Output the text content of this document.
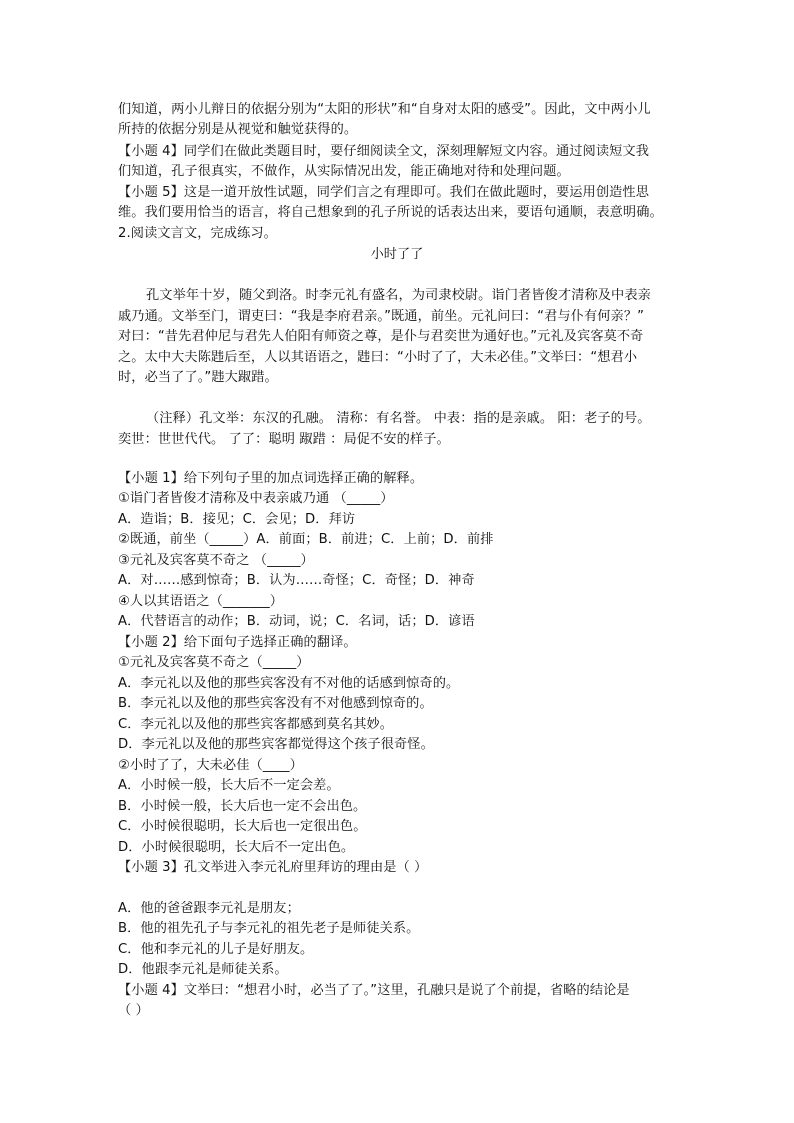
小时了了
们知道，两小儿辩日的依据分别为“太阳的形状”和“自身对太阳的感受”。因此，文中两小儿
所持的依据分别是从视觉和触觉获得的。
【小题 4】同学们在做此类题目时，要仔细阅读全文，深刻理解短文内容。通过阅读短文我
们知道，孔子很真实，不做作，从实际情况出发，能正确地对待和处理问题。
【小题 5】这是一道开放性试题，同学们言之有理即可。我们在做此题时，要运用创造性思
维。我们要用恰当的语言，将自己想象到的孔子所说的话表达出来，要语句通顺，表意明确。
2.阅读文言文，完成练习。
孔文举年十岁，随父到洛。时李元礼有盛名，为司隶校尉。诣门者皆俊才清称及中表亲
戚乃通。文举至门，谓吏曰：“我是李府君亲。”既通，前坐。元礼问曰：“君与仆有何亲？”
对曰：“昔先君仲尼与君先人伯阳有师资之尊，是仆与君奕世为通好也。”元礼及宾客莫不奇
之。太中大夫陈韪后至，人以其语语之，韪曰：“小时了了，大未必佳。”文举曰：“想君小
时，必当了了。”韪大踧踖。
（注释）孔文举：东汉的孔融。 清称：有名誉。 中表：指的是亲戚。 阳：老子的号。
奕世：世世代代。 了了：聪明 踧踖 ：局促不安的样子。
【小题 1】给下列句子里的加点词选择正确的解释。
①诣门者皆俊才清称及中表亲戚乃通 （_____）
A．造诣；B．接见；C．会见；D．拜访
②既通，前坐（_____）A．前面；B．前进；C．上前；D．前排
③元礼及宾客莫不奇之 （_____）
A．对……感到惊奇；B．认为……奇怪；C．奇怪；D．神奇
④人以其语语之（_______）
A．代替语言的动作；B．动词，说；C．名词，话；D．谚语
【小题 2】给下面句子选择正确的翻译。
①元礼及宾客莫不奇之（_____）
A．李元礼以及他的那些宾客没有不对他的话感到惊奇的。
B．李元礼以及他的那些宾客没有不对他感到惊奇的。
C．李元礼以及他的那些宾客都感到莫名其妙。
D．李元礼以及他的那些宾客都觉得这个孩子很奇怪。
②小时了了，大未必佳（____）
A．小时候一般，长大后不一定会差。
B．小时候一般，长大后也一定不会出色。
C．小时候很聪明，长大后也一定很出色。
D．小时候很聪明，长大后不一定出色。
【小题 3】孔文举进入李元礼府里拜访的理由是（ ）
A．他的爸爸跟李元礼是朋友；
B．他的祖先孔子与李元礼的祖先老子是师徒关系。
C．他和李元礼的儿子是好朋友。
D．他跟李元礼是师徒关系。
【小题 4】文举曰：“想君小时，必当了了。”这里，孔融只是说了个前提，省略的结论是
（ ）
